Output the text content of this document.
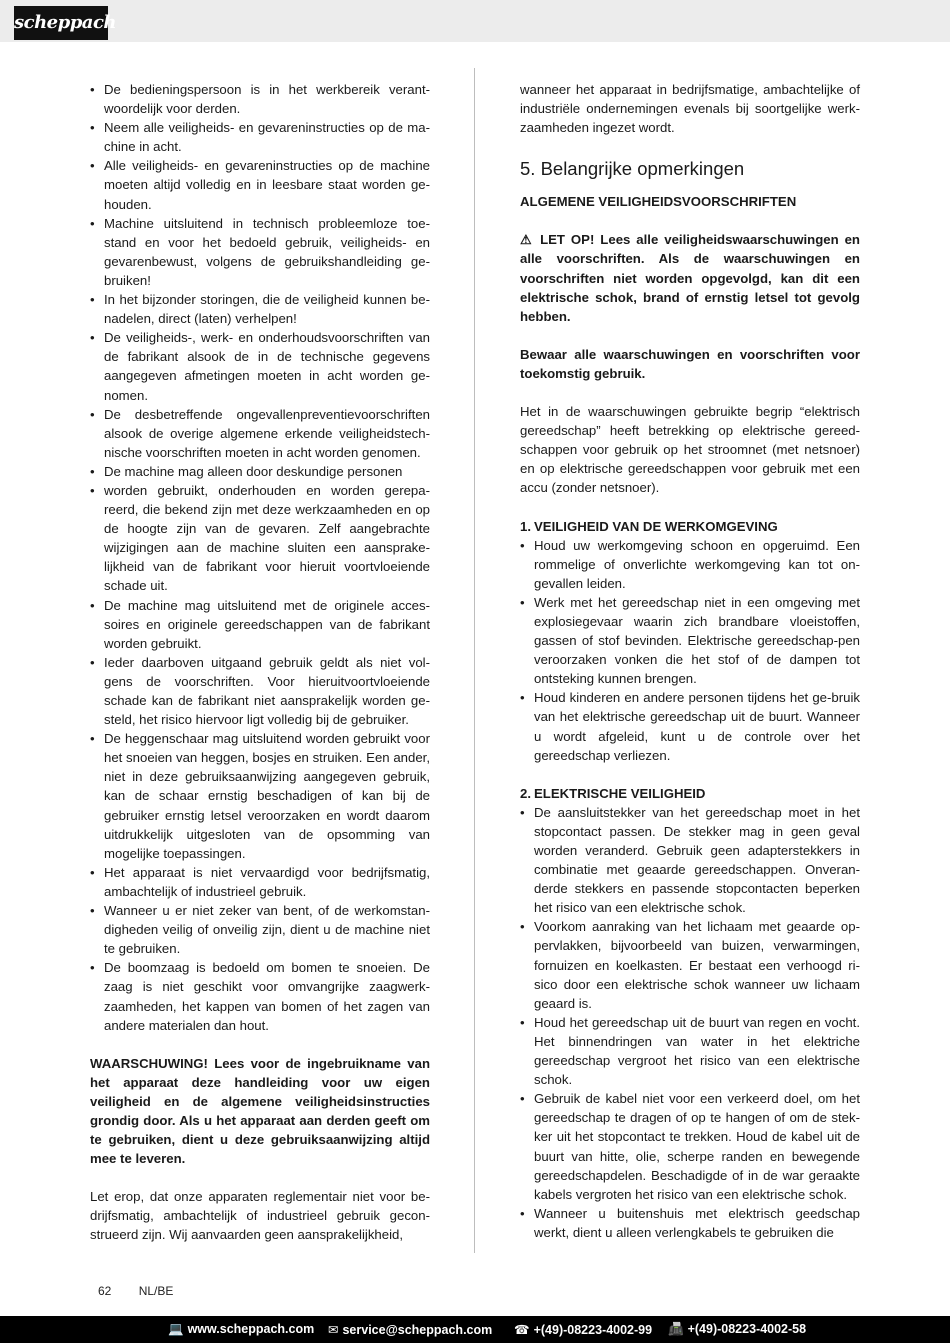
scheppach
• De bedieningspersoon is in het werkbereik verant-woordelijk voor derden.
• Neem alle veiligheids- en gevareninstructies op de ma-chine in acht.
• Alle veiligheids- en gevareninstructies op de machine moeten altijd volledig en in leesbare staat worden ge-houden.
• Machine uitsluitend in technisch probleemloze toe-stand en voor het bedoeld gebruik, veiligheids- en gevarenbewust, volgens de gebruikshandleiding ge-bruiken!
• In het bijzonder storingen, die de veiligheid kunnen be-nadelen, direct (laten) verhelpen!
• De veiligheids-, werk- en onderhoudsvoorschriften van de fabrikant alsook de in de technische gegevens aangegeven afmetingen moeten in acht worden ge-nomen.
• De desbetreffende ongevallenpreventievoorschriften alsook de overige algemene erkende veiligheidstech-nische voorschriften moeten in acht worden genomen.
• De machine mag alleen door deskundige personen
• worden gebruikt, onderhouden en worden gerepa-reerd, die bekend zijn met deze werkzaamheden en op de hoogte zijn van de gevaren. Zelf aangebrachte wijzigingen aan de machine sluiten een aansprake-lijkheid van de fabrikant voor hieruit voortvloeiende schade uit.
• De machine mag uitsluitend met de originele acces-soires en originele gereedschappen van de fabrikant worden gebruikt.
• Ieder daarboven uitgaand gebruik geldt als niet vol-gens de voorschriften. Voor hieruitvoortvloeiende schade kan de fabrikant niet aansprakelijk worden ge-steld, het risico hiervoor ligt volledig bij de gebruiker.
• De heggenschaar mag uitsluitend worden gebruikt voor het snoeien van heggen, bosjes en struiken. Een ander, niet in deze gebruiksaanwijzing aangegeven gebruik, kan de schaar ernstig beschadigen of kan bij de gebruiker ernstig letsel veroorzaken en wordt daarom uitdrukkelijk uitgesloten van de opsomming van mogelijke toepassingen.
• Het apparaat is niet vervaardigd voor bedrijfsmatig, ambachtelijk of industrieel gebruik.
• Wanneer u er niet zeker van bent, of de werkomstan-digheden veilig of onveilig zijn, dient u de machine niet te gebruiken.
• De boomzaag is bedoeld om bomen te snoeien. De zaag is niet geschikt voor omvangrijke zaagwerk-zaamheden, het kappen van bomen of het zagen van andere materialen dan hout.

WAARSCHUWING! Lees voor de ingebruikname van het apparaat deze handleiding voor uw eigen veiligheid en de algemene veiligheidsinstructies grondig door. Als u het apparaat aan derden geeft om te gebruiken, dient u deze gebruiksaanwijzing altijd mee te leveren.

Let erop, dat onze apparaten reglementair niet voor be-drijfsmatig, ambachtelijk of industrieel gebruik gecon-strueerd zijn. Wij aanvaarden geen aansprakelijkheid,

wanneer het apparaat in bedrijfsmatige, ambachtelijke of industriële ondernemingen evenals bij soortgelijke werk-zaamheden ingezet wordt.

5. Belangrijke opmerkingen

ALGEMENE VEILIGHEIDSVOORSCHRIFTEN

⚠ LET OP! Lees alle veiligheidswaarschuwingen en alle voorschriften. Als de waarschuwingen en voorschriften niet worden opgevolgd, kan dit een elektrische schok, brand of ernstig letsel tot gevolg hebben.

Bewaar alle waarschuwingen en voorschriften voor toekomstig gebruik.

Het in de waarschuwingen gebruikte begrip “elektrisch gereedschap” heeft betrekking op elektrische gereed-schappen voor gebruik op het stroomnet (met netsnoer) en op elektrische gereedschappen voor gebruik met een accu (zonder netsnoer).

1. VEILIGHEID VAN DE WERKOMGEVING
• Houd uw werkomgeving schoon en opgeruimd. Een rommelige of onverlichte werkomgeving kan tot on-gevallen leiden.
• Werk met het gereedschap niet in een omgeving met explosiegevaar waarin zich brandbare vloeistoffen, gassen of stof bevinden. Elektrische gereedschap-pen veroorzaken vonken die het stof of de dampen tot ontsteking kunnen brengen.
• Houd kinderen en andere personen tijdens het ge-bruik van het elektrische gereedschap uit de buurt. Wanneer u wordt afgeleid, kunt u de controle over het gereedschap verliezen.
2. ELEKTRISCHE VEILIGHEID
• De aansluitstekker van het gereedschap moet in het stopcontact passen. De stekker mag in geen geval worden veranderd. Gebruik geen adapterstekkers in combinatie met geaarde gereedschappen. Onveran-derde stekkers en passende stopcontacten beperken het risico van een elektrische schok.
• Voorkom aanraking van het lichaam met geaarde op-pervlakken, bijvoorbeeld van buizen, verwarmingen, fornuizen en koelkasten. Er bestaat een verhoogd ri-sico door een elektrische schok wanneer uw lichaam geaard is.
• Houd het gereedschap uit de buurt van regen en vocht. Het binnendringen van water in het elektriche gereedschap vergroot het risico van een elektrische schok.
• Gebruik de kabel niet voor een verkeerd doel, om het gereedschap te dragen of op te hangen of om de stek-ker uit het stopcontact te trekken. Houd de kabel uit de buurt van hitte, olie, scherpe randen en bewegende gereedschapdelen. Beschadigde of in de war geraakte kabels vergroten het risico van een elektrische schok.
• Wanneer u buitenshuis met elektrisch geedschap werkt, dient u alleen verlengkabels te gebruiken die
62 NL/BE
💻 www.scheppach.com ✉ service@scheppach.com ☎ +(49)-08223-4002-99 📠 +(49)-08223-4002-58
